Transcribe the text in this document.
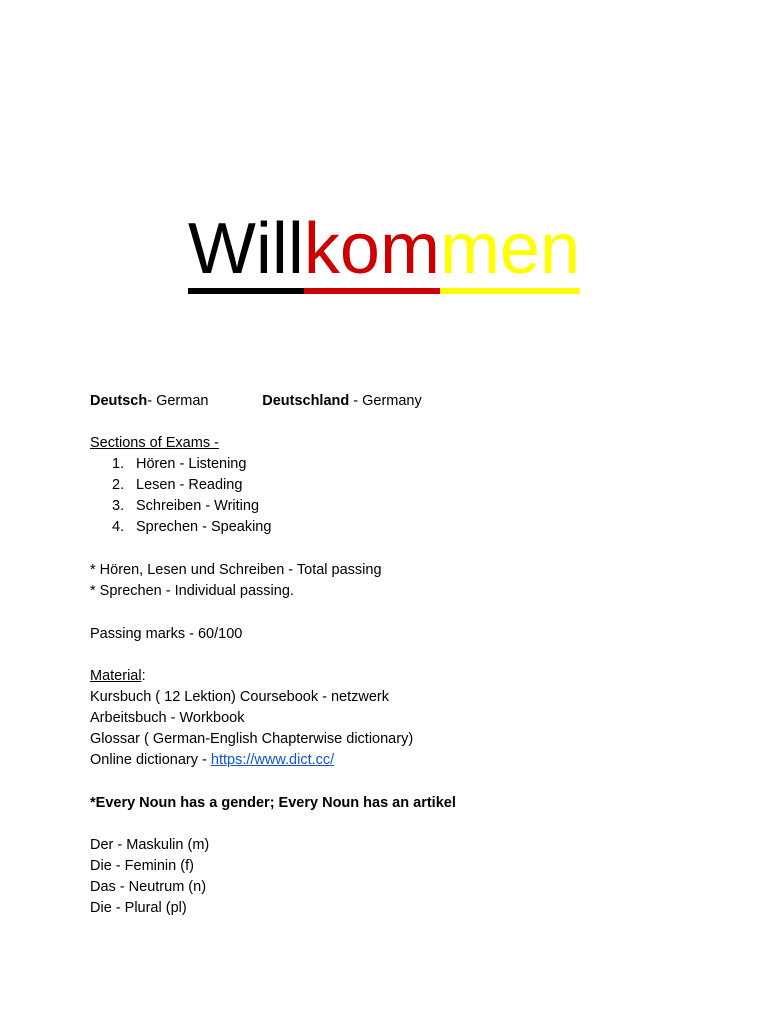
Willkommen
Deutsch- German	Deutschland - Germany
Sections of Exams -
1. Hören - Listening
2. Lesen - Reading
3. Schreiben - Writing
4. Sprechen - Speaking
* Hören, Lesen und Schreiben - Total passing
* Sprechen - Individual passing.
Passing marks - 60/100
Material:
Kursbuch ( 12 Lektion) Coursebook - netzwerk
Arbeitsbuch - Workbook
Glossar ( German-English Chapterwise dictionary)
Online dictionary - https://www.dict.cc/
*Every Noun has a gender; Every Noun has an artikel
Der - Maskulin (m)
Die - Feminin (f)
Das - Neutrum (n)
Die - Plural (pl)
